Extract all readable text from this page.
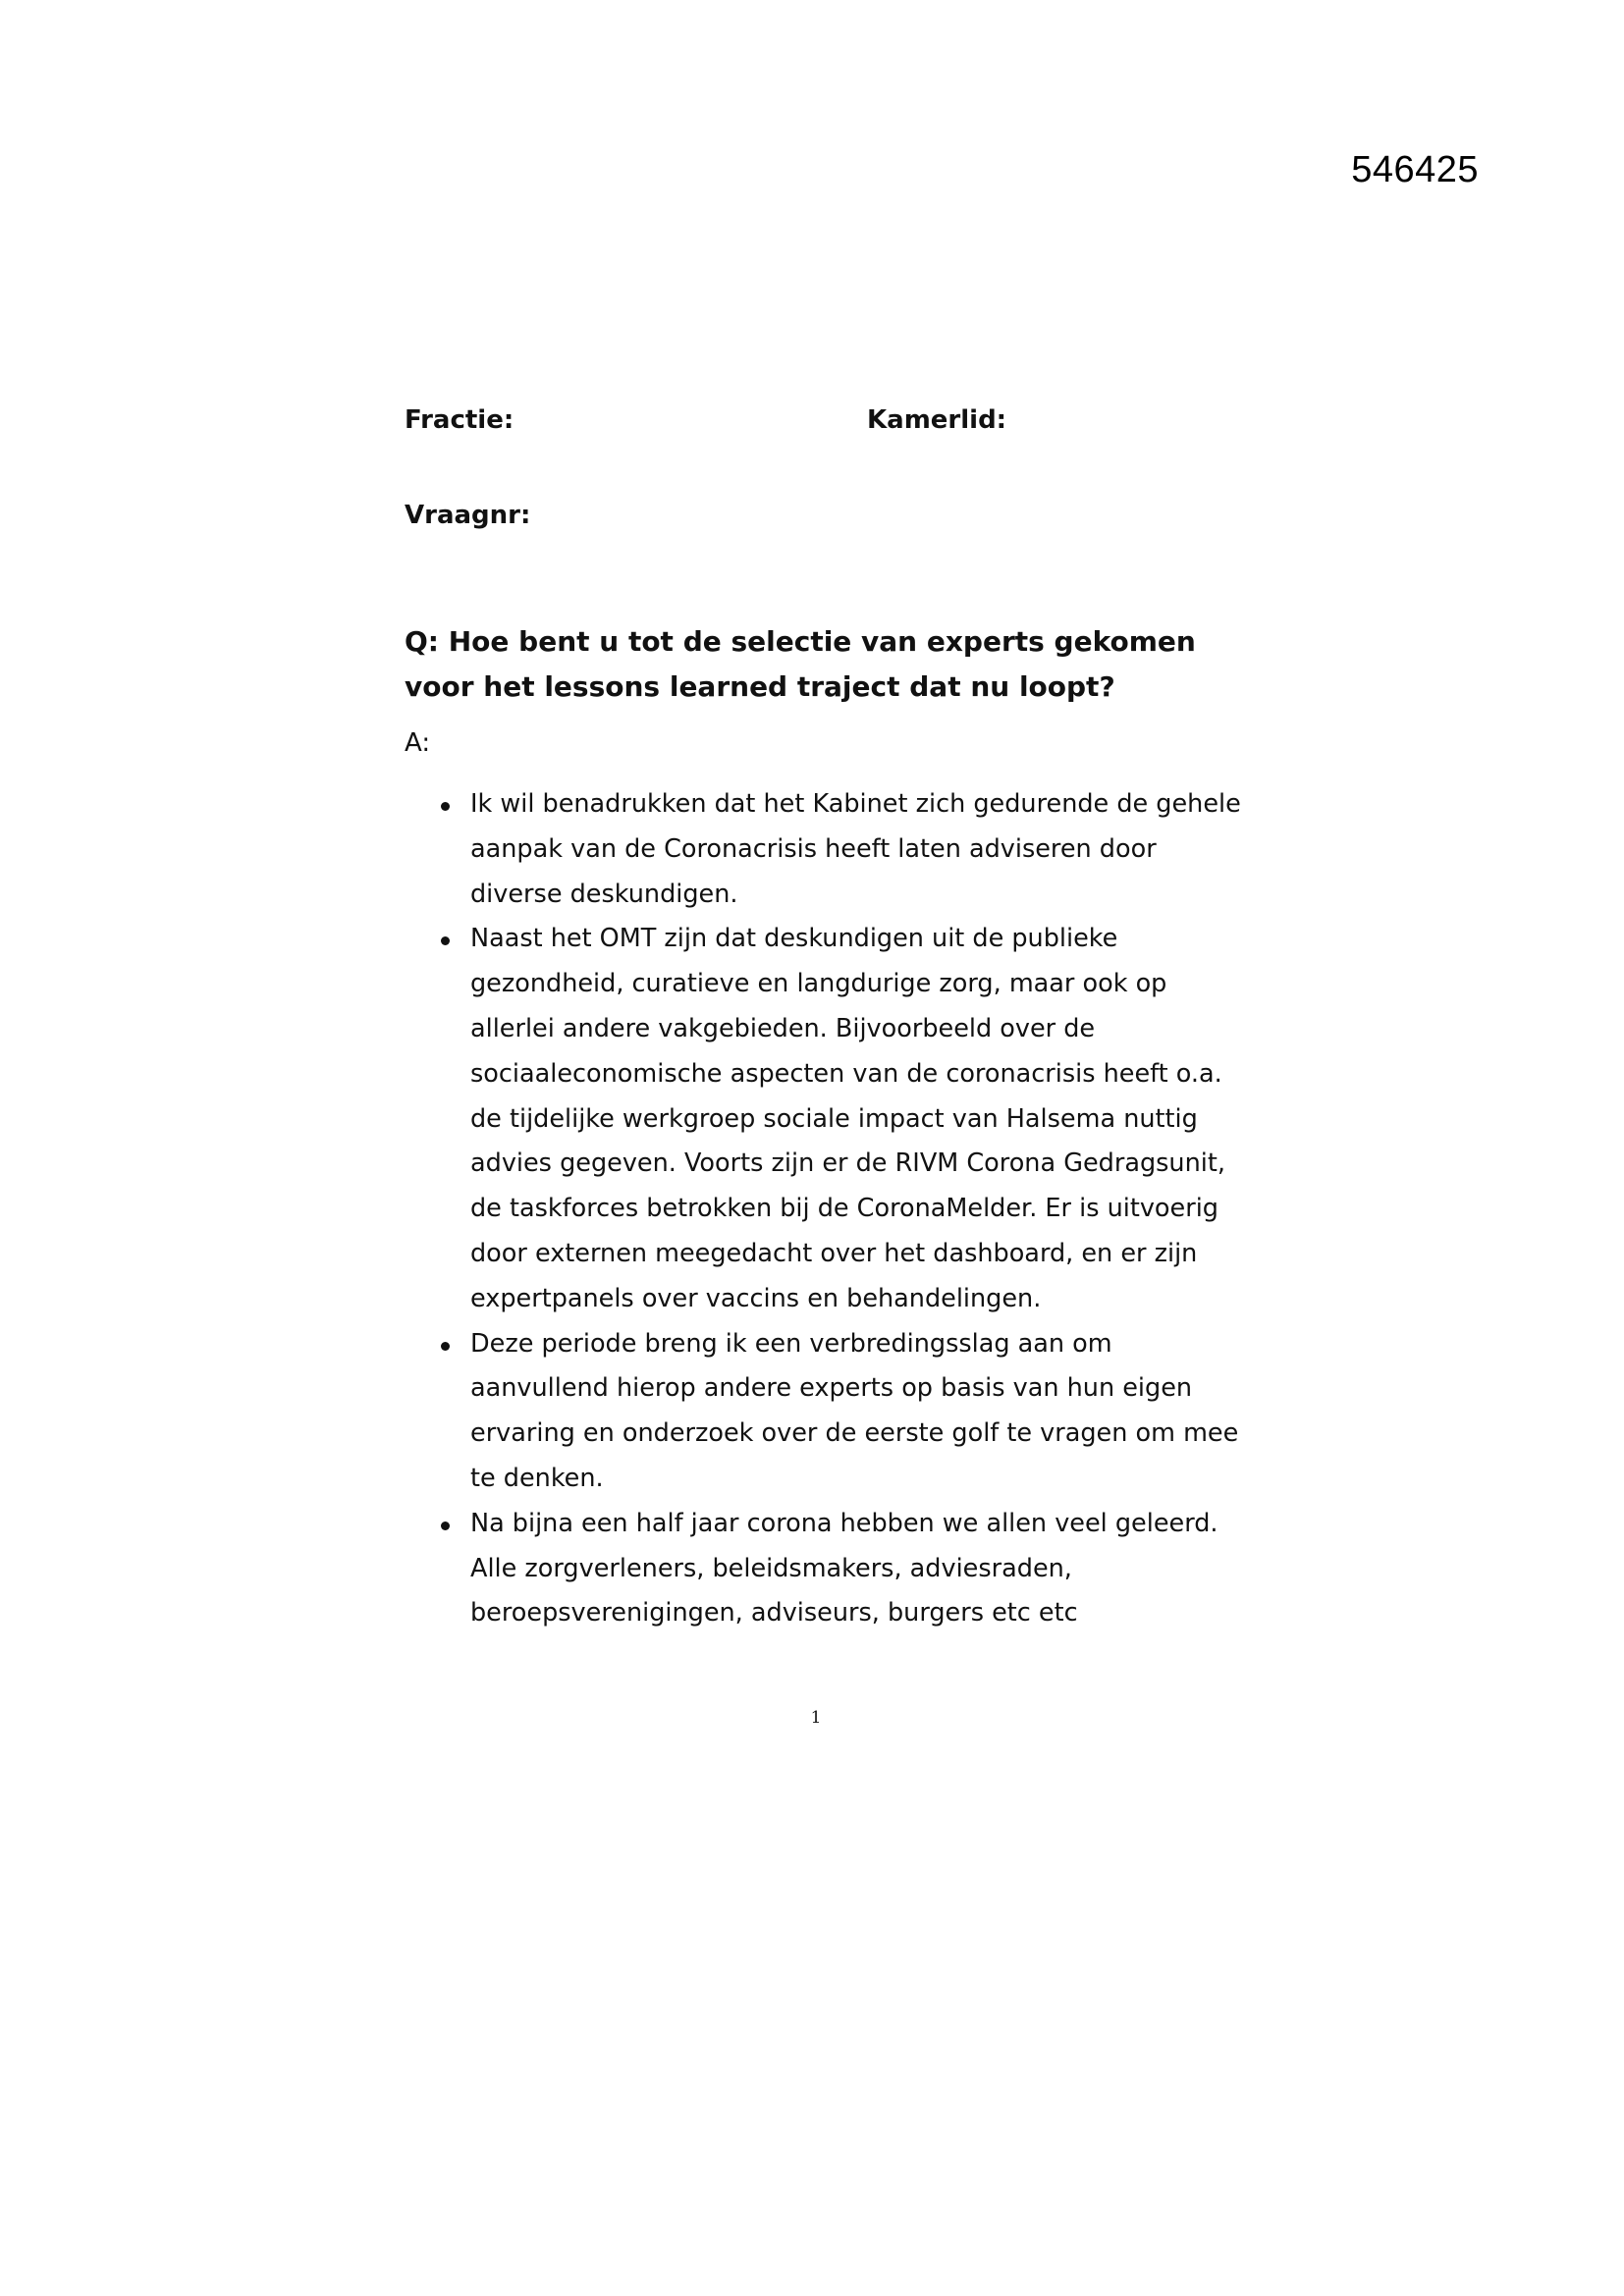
546425
Fractie:	Kamerlid:
Vraagnr:

Q: Hoe bent u tot de selectie van experts gekomen voor het lessons learned traject dat nu loopt?

A:
Ik wil benadrukken dat het Kabinet zich gedurende de gehele aanpak van de Coronacrisis heeft laten adviseren door diverse deskundigen.
Naast het OMT zijn dat deskundigen uit de publieke gezondheid, curatieve en langdurige zorg, maar ook op allerlei andere vakgebieden. Bijvoorbeeld over de sociaaleconomische aspecten van de coronacrisis heeft o.a. de tijdelijke werkgroep sociale impact van Halsema nuttig advies gegeven. Voorts zijn er de RIVM Corona Gedragsunit, de taskforces betrokken bij de CoronaMelder. Er is uitvoerig door externen meegedacht over het dashboard, en er zijn expertpanels over vaccins en behandelingen.
Deze periode breng ik een verbredingsslag aan om aanvullend hierop andere experts op basis van hun eigen ervaring en onderzoek over de eerste golf te vragen om mee te denken.
Na bijna een half jaar corona hebben we allen veel geleerd. Alle zorgverleners, beleidsmakers, adviesraden, beroepsverenigingen, adviseurs, burgers etc etc
1
